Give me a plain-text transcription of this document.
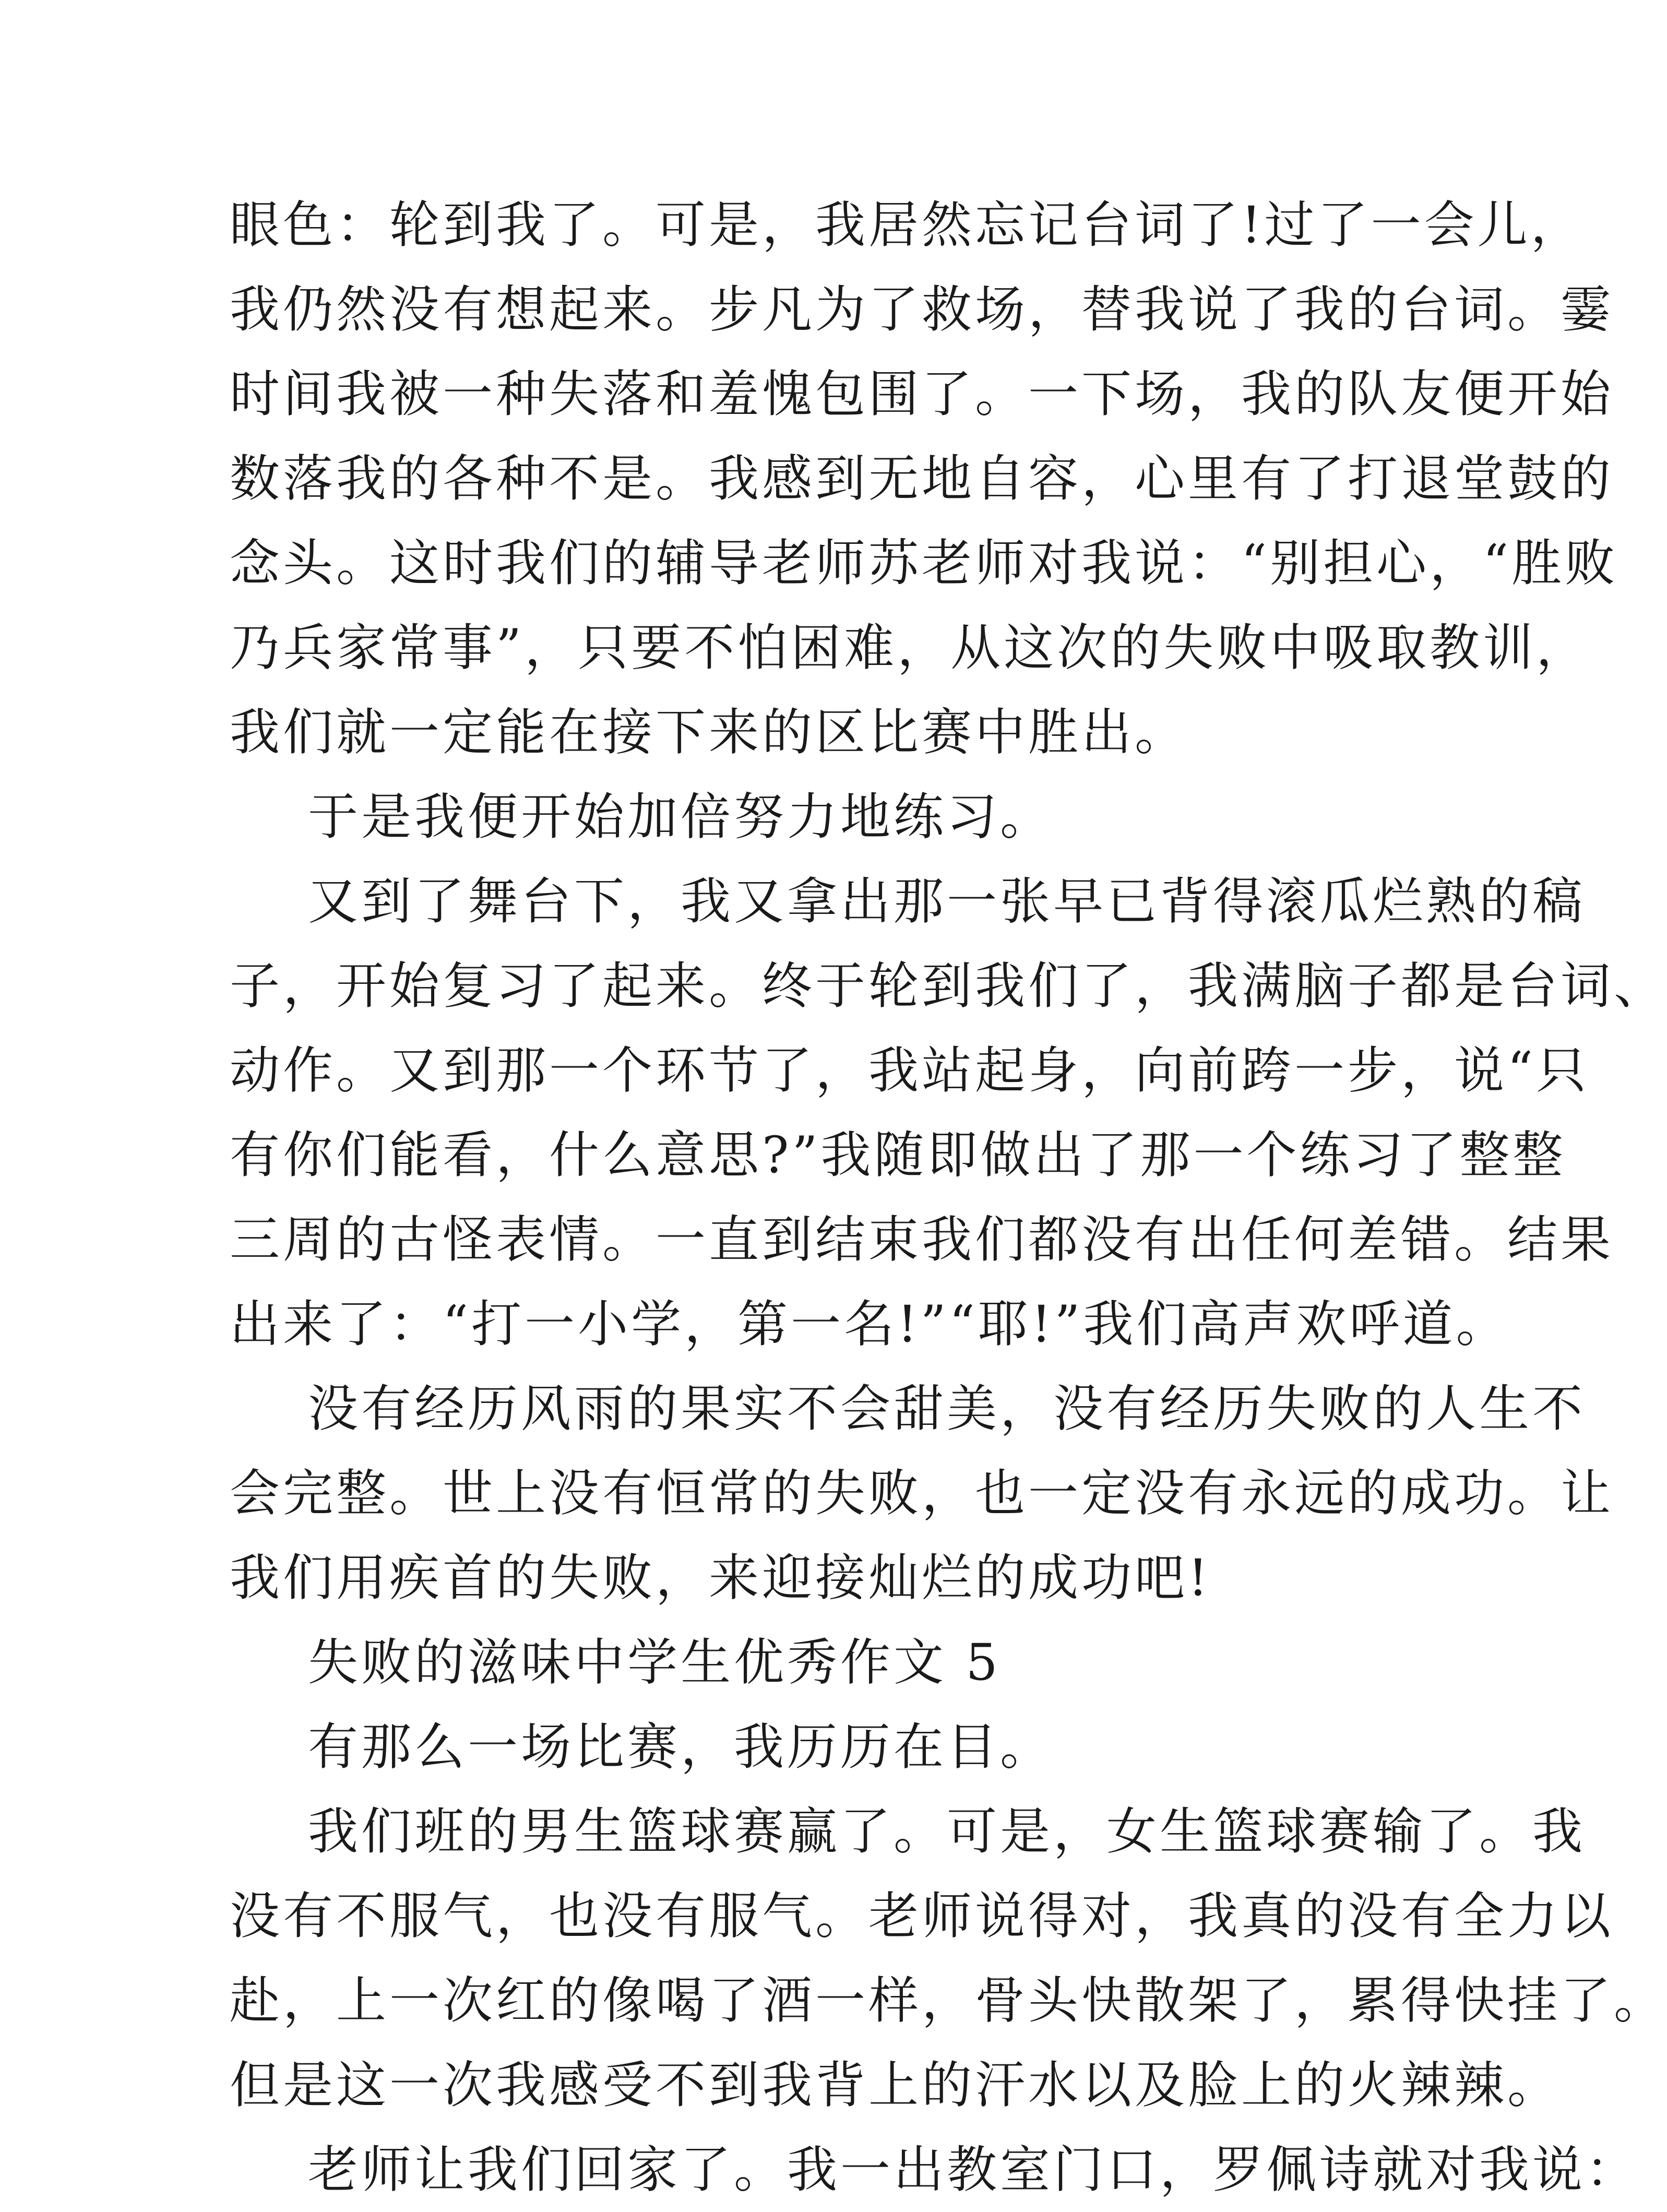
眼色：轮到我了。可是，我居然忘记台词了!过了一会儿，
我仍然没有想起来。步凡为了救场，替我说了我的台词。霎
时间我被一种失落和羞愧包围了。一下场，我的队友便开始
数落我的各种不是。我感到无地自容，心里有了打退堂鼓的
念头。这时我们的辅导老师苏老师对我说：“别担心，“胜败
乃兵家常事”，只要不怕困难，从这次的失败中吸取教训，
我们就一定能在接下来的区比赛中胜出。
于是我便开始加倍努力地练习。
又到了舞台下，我又拿出那一张早已背得滚瓜烂熟的稿
子，开始复习了起来。终于轮到我们了，我满脑子都是台词、
动作。又到那一个环节了，我站起身，向前跨一步，说“只
有你们能看，什么意思?”我随即做出了那一个练习了整整
三周的古怪表情。一直到结束我们都没有出任何差错。结果
出来了：“打一小学，第一名!”“耶!”我们高声欢呼道。
没有经历风雨的果实不会甜美，没有经历失败的人生不
会完整。世上没有恒常的失败，也一定没有永远的成功。让
我们用疾首的失败，来迎接灿烂的成功吧!
失败的滋味中学生优秀作文 5
有那么一场比赛，我历历在目。
我们班的男生篮球赛赢了。可是，女生篮球赛输了。我
没有不服气，也没有服气。老师说得对，我真的没有全力以
赴，上一次红的像喝了酒一样，骨头快散架了，累得快挂了。
但是这一次我感受不到我背上的汗水以及脸上的火辣辣。
老师让我们回家了。我一出教室门口，罗佩诗就对我说：
